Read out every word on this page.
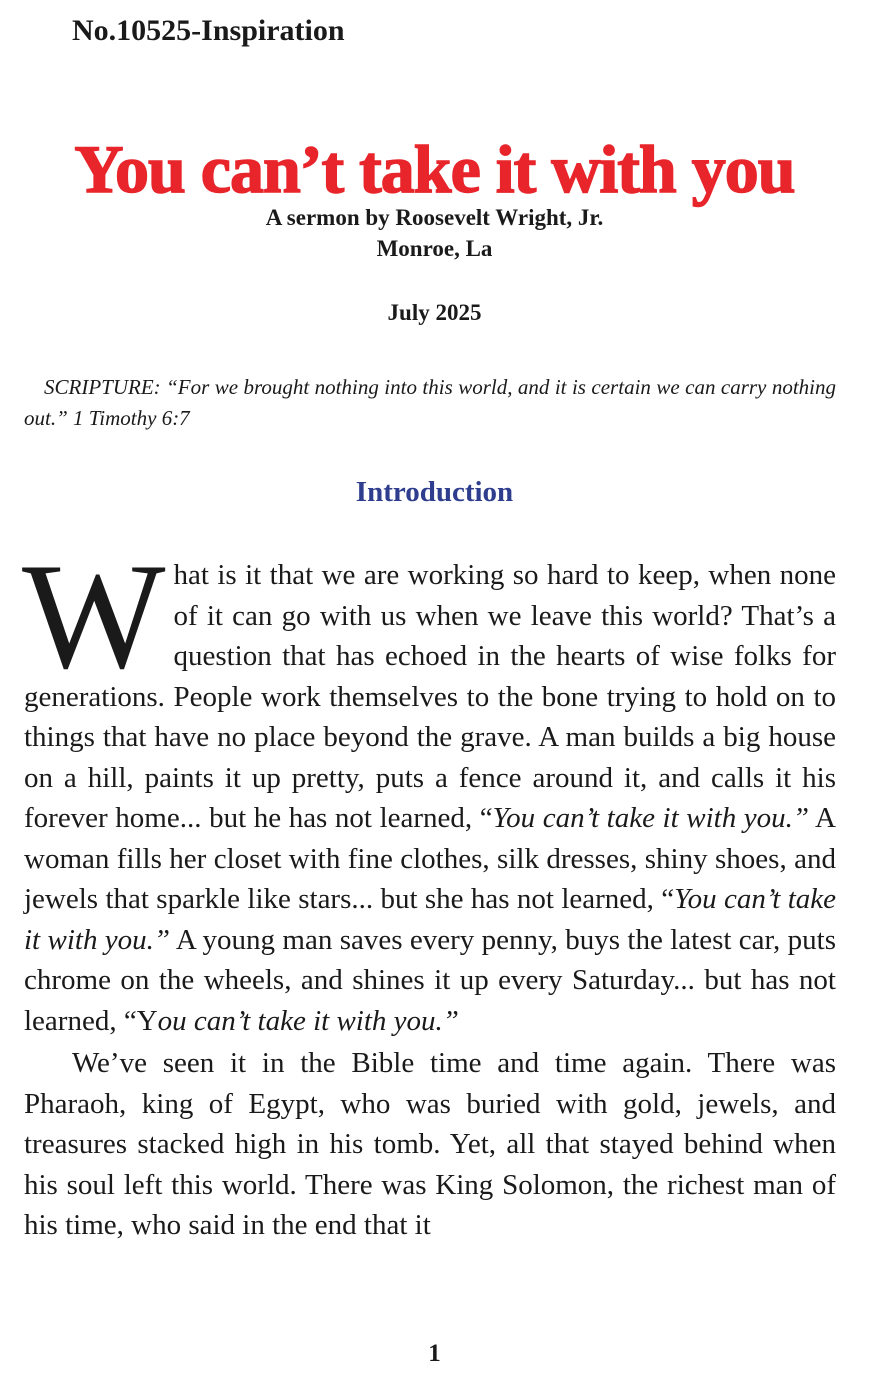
No.10525-Inspiration

You can’t take it with you
A sermon by Roosevelt Wright, Jr.
Monroe, La

July 2025

SCRIPTURE: “For we brought nothing into this world, and it is certain we can carry nothing out.” 1 Timothy 6:7

Introduction

What is it that we are working so hard to keep, when none of it can go with us when we leave this world? That’s a question that has echoed in the hearts of wise folks for generations. People work themselves to the bone trying to hold on to things that have no place beyond the grave. A man builds a big house on a hill, paints it up pretty, puts a fence around it, and calls it his forever home... but he has not learned, “You can’t take it with you.” A woman fills her closet with fine clothes, silk dresses, shiny shoes, and jewels that sparkle like stars... but she has not learned, “You can’t take it with you.” A young man saves every penny, buys the latest car, puts chrome on the wheels, and shines it up every Saturday... but has not learned, “You can’t take it with you.”

We’ve seen it in the Bible time and time again. There was Pharaoh, king of Egypt, who was buried with gold, jewels, and treasures stacked high in his tomb. Yet, all that stayed behind when his soul left this world. There was King Solomon, the richest man of his time, who said in the end that it

1
